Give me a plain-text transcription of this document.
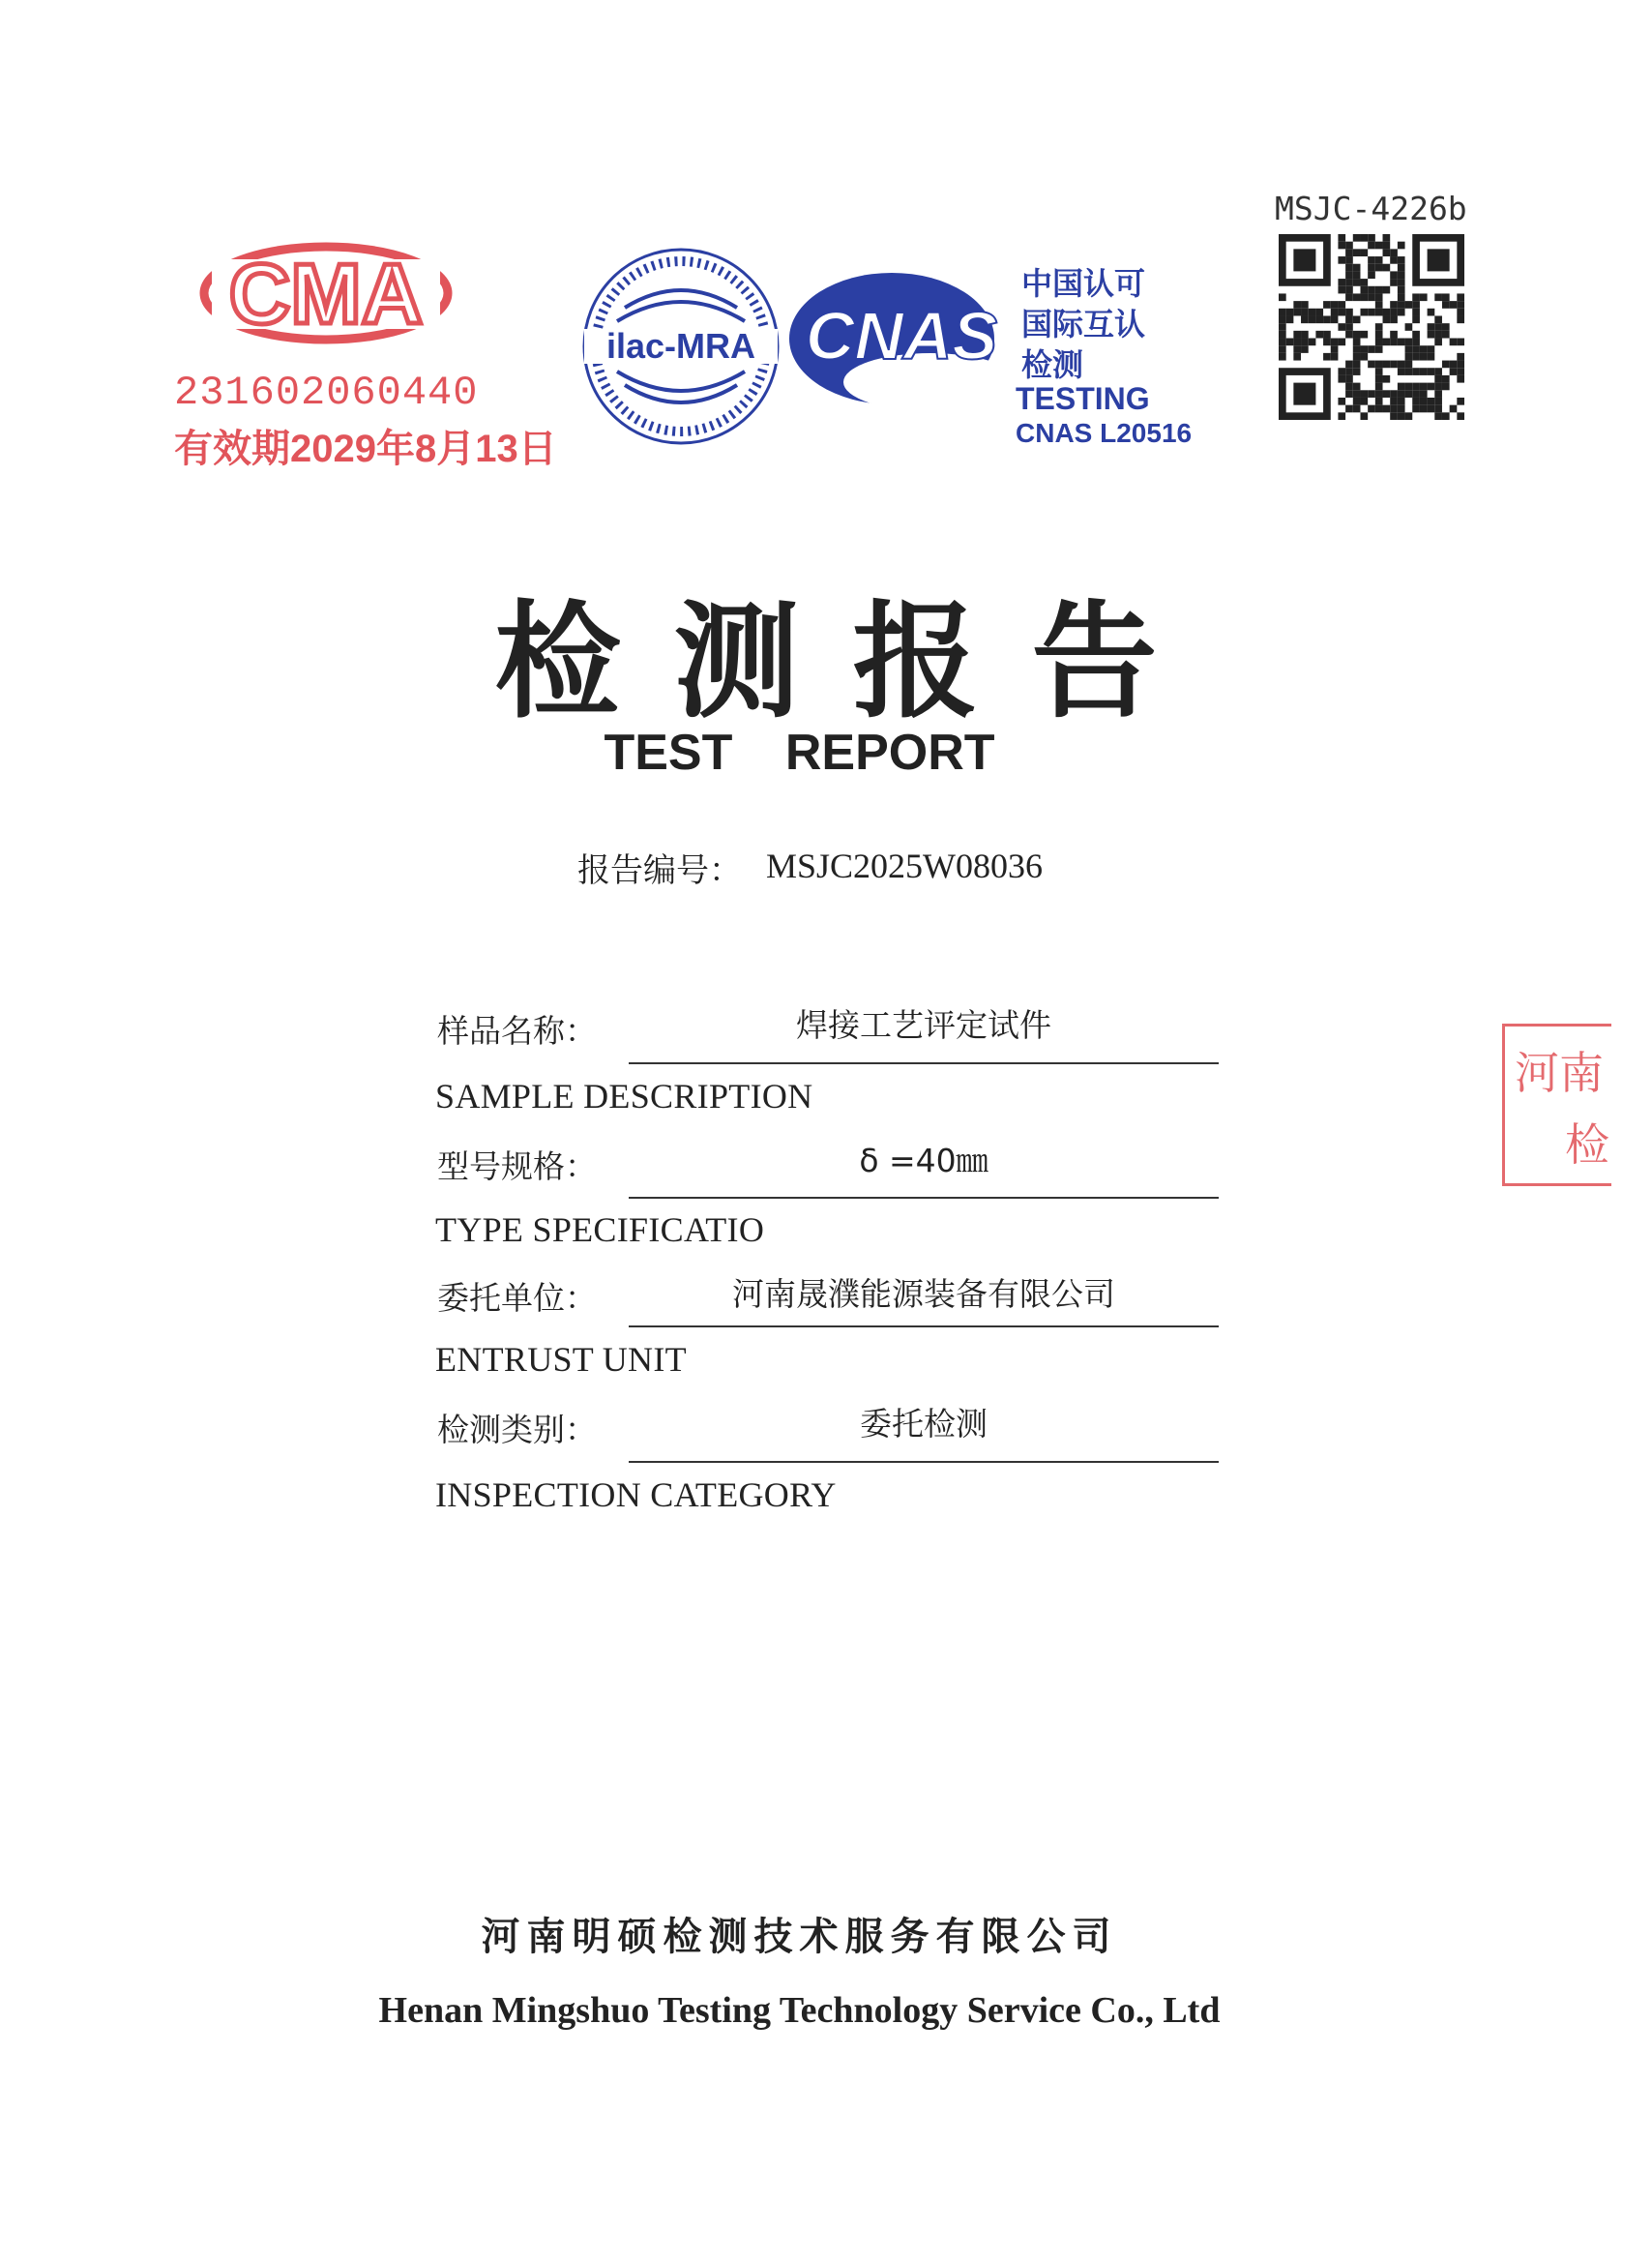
CMA
231602060440
有效期2029年8月13日
ilac-MRA CNAS
中国认可
国际互认
检测
TESTING
CNAS L20516
MSJC-4226b
检测报告
TEST REPORT
报告编号： MSJC2025W08036
样品名称：	焊接工艺评定试件
SAMPLE DESCRIPTION
型号规格：	δ =40㎜
TYPE SPECIFICATIO
委托单位：	河南晟濮能源装备有限公司
ENTRUST UNIT
检测类别：	委托检测
INSPECTION CATEGORY
河南
检
河南明硕检测技术服务有限公司
Henan Mingshuo Testing Technology Service Co., Ltd
